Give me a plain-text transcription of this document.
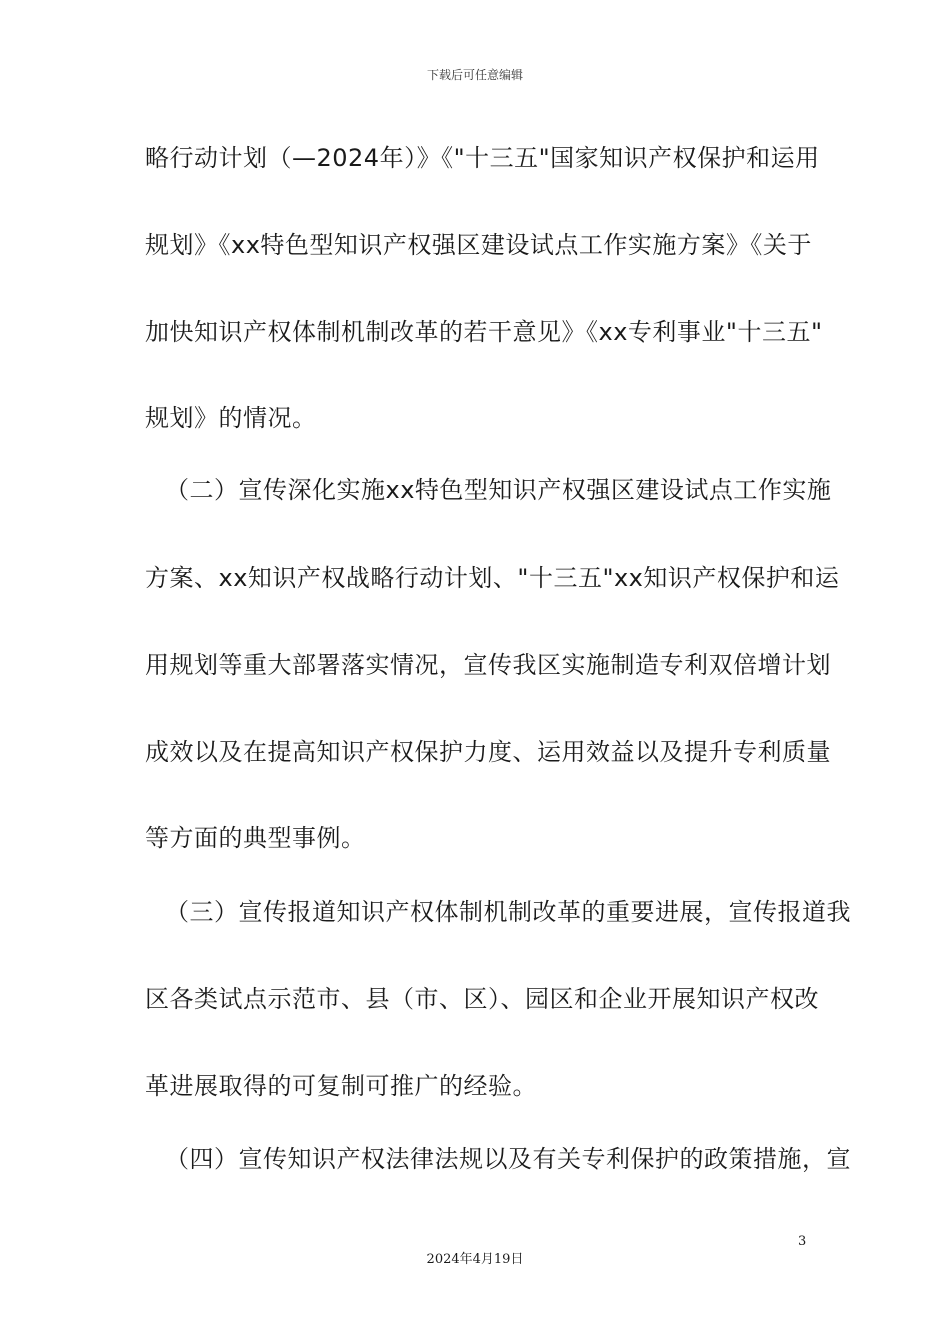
下载后可任意编辑
略行动计划（—2024年）》《"十三五"国家知识产权保护和运用
规划》《xx特色型知识产权强区建设试点工作实施方案》《关于
加快知识产权体制机制改革的若干意见》《xx专利事业"十三五"
规划》的情况。
（二）宣传深化实施xx特色型知识产权强区建设试点工作实施
方案、xx知识产权战略行动计划、"十三五"xx知识产权保护和运
用规划等重大部署落实情况，宣传我区实施制造专利双倍增计划
成效以及在提高知识产权保护力度、运用效益以及提升专利质量
等方面的典型事例。
（三）宣传报道知识产权体制机制改革的重要进展，宣传报道我
区各类试点示范市、县（市、区）、园区和企业开展知识产权改
革进展取得的可复制可推广的经验。
（四）宣传知识产权法律法规以及有关专利保护的政策措施，宣
3
2024年4月19日
